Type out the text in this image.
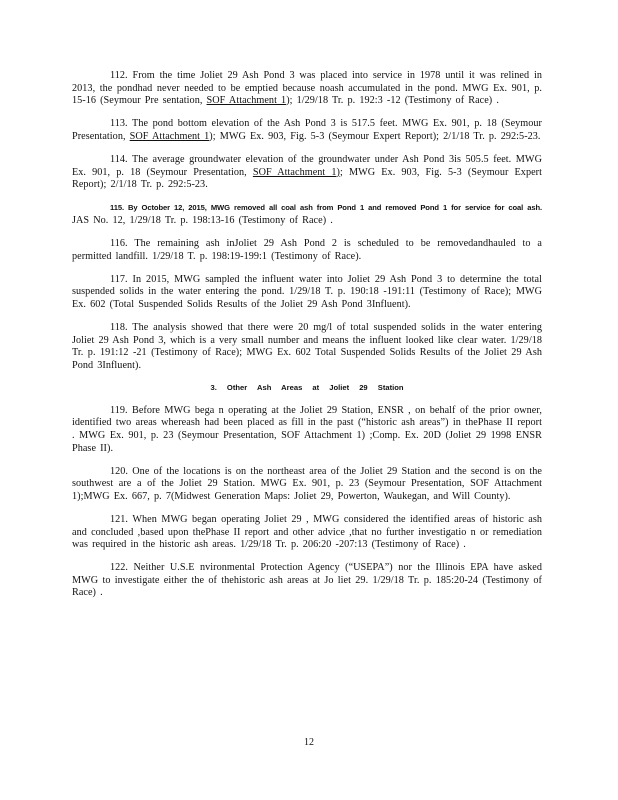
112. From the time Joliet 29 Ash Pond 3 was placed into service in 1978 until it was relined in 2013, the pondhad never needed to be emptied because noash accumulated in the pond. MWG Ex. 901, p. 15-16 (Seymour Pre sentation, SOF Attachment 1); 1/29/18 Tr. p. 192:3 -12 (Testimony of Race) .

113. The pond bottom elevation of the Ash Pond 3 is 517.5 feet. MWG Ex. 901, p. 18 (Seymour Presentation, SOF Attachment 1); MWG Ex. 903, Fig. 5-3 (Seymour Expert Report); 2/1/18 Tr. p. 292:5-23.

114. The average groundwater elevation of the groundwater under Ash Pond 3is 505.5 feet. MWG Ex. 901, p. 18 (Seymour Presentation, SOF Attachment 1); MWG Ex. 903, Fig. 5-3 (Seymour Expert Report); 2/1/18 Tr. p. 292:5-23.

115. By October 12, 2015, MWG removed all coal ash from Pond 1 and removed Pond 1 for service for coal ash. JAS No. 12, 1/29/18 Tr. p. 198:13-16 (Testimony of Race) .

116. The remaining ash inJoliet 29 Ash Pond 2 is scheduled to be removedandhauled to a permitted landfill. 1/29/18 T. p. 198:19-199:1 (Testimony of Race).

117. In 2015, MWG sampled the influent water into Joliet 29 Ash Pond 3 to determine the total suspended solids in the water entering the pond. 1/29/18 T. p. 190:18 -191:11 (Testimony of Race); MWG Ex. 602 (Total Suspended Solids Results of the Joliet 29 Ash Pond 3Influent).

118. The analysis showed that there were 20 mg/l of total suspended solids in the water entering Joliet 29 Ash Pond 3, which is a very small number and means the influent looked like clear water. 1/29/18 Tr. p. 191:12 -21 (Testimony of Race); MWG Ex. 602 Total Suspended Solids Results of the Joliet 29 Ash Pond 3Influent).

3. Other Ash Areas at Joliet 29 Station

119. Before MWG bega n operating at the Joliet 29 Station, ENSR , on behalf of the prior owner, identified two areas whereash had been placed as fill in the past (“historic ash areas”) in thePhase II report . MWG Ex. 901, p. 23 (Seymour Presentation, SOF Attachment 1) ;Comp. Ex. 20D (Joliet 29 1998 ENSR Phase II).

120. One of the locations is on the northeast area of the Joliet 29 Station and the second is on the southwest are a of the Joliet 29 Station. MWG Ex. 901, p. 23 (Seymour Presentation, SOF Attachment 1);MWG Ex. 667, p. 7(Midwest Generation Maps: Joliet 29, Powerton, Waukegan, and Will County).

121. When MWG began operating Joliet 29 , MWG considered the identified areas of historic ash and concluded ,based upon thePhase II report and other advice ,that no further investigatio n or remediation was required in the historic ash areas. 1/29/18 Tr. p. 206:20 -207:13 (Testimony of Race) .

122. Neither U.S.E nvironmental Protection Agency (“USEPA”) nor the Illinois EPA have asked MWG to investigate either the of thehistoric ash areas at Jo liet 29. 1/29/18 Tr. p. 185:20-24 (Testimony of Race) .

12
